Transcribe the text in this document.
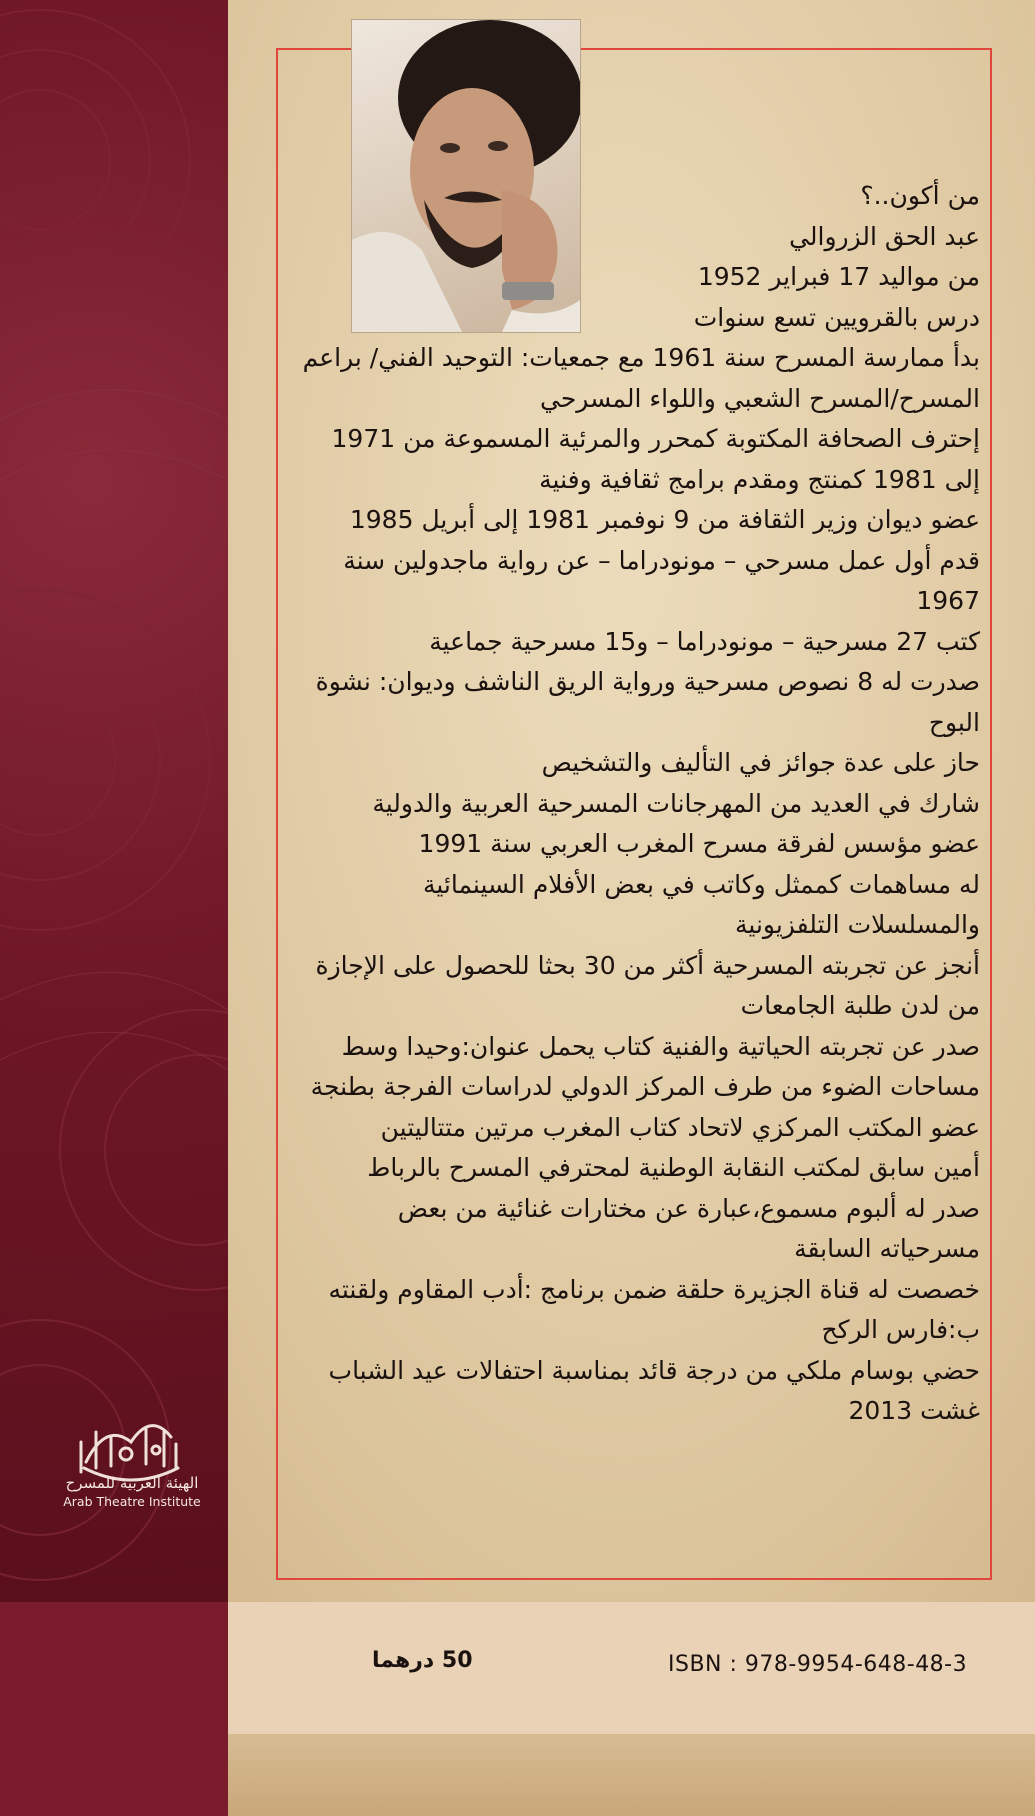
من أكون..؟

عبد الحق الزروالي

من مواليد 17 فبراير 1952

درس بالقرويين تسع سنوات

بدأ ممارسة المسرح سنة 1961 مع جمعيات: التوحيد الفني/ براعم المسرح/المسرح الشعبي واللواء المسرحي

إحترف الصحافة المكتوبة كمحرر والمرئية المسموعة من 1971 إلى 1981 كمنتج ومقدم برامج ثقافية وفنية

عضو ديوان وزير الثقافة من 9 نوفمبر 1981 إلى أبريل 1985

قدم أول عمل مسرحي – مونودراما – عن رواية ماجدولين سنة 1967

كتب 27 مسرحية – مونودراما – و15 مسرحية جماعية

صدرت له 8 نصوص مسرحية ورواية الريق الناشف وديوان: نشوة البوح

حاز على عدة جوائز في التأليف والتشخيص

شارك في العديد من المهرجانات المسرحية العربية والدولية

عضو مؤسس لفرقة مسرح المغرب العربي سنة 1991

له مساهمات كممثل وكاتب في بعض الأفلام السينمائية والمسلسلات التلفزيونية

أنجز عن تجربته المسرحية أكثر من 30 بحثا للحصول على الإجازة من لدن طلبة الجامعات

صدر عن تجربته الحياتية والفنية كتاب يحمل عنوان:وحيدا وسط مساحات الضوء من طرف المركز الدولي لدراسات الفرجة بطنجة

عضو المكتب المركزي لاتحاد كتاب المغرب مرتين متتاليتين

أمين سابق لمكتب النقابة الوطنية لمحترفي المسرح بالرباط

صدر له ألبوم مسموع،عبارة عن مختارات غنائية من بعض مسرحياته السابقة

خصصت له قناة الجزيرة حلقة ضمن برنامج :أدب المقاوم ولقنته ب:فارس الركح

حضي بوسام ملكي من درجة قائد بمناسبة احتفالات عيد الشباب غشت 2013

الهيئة العربية للمسرح
Arab Theatre Institute
50 درهما	ISBN : 978-9954-648-48-3
